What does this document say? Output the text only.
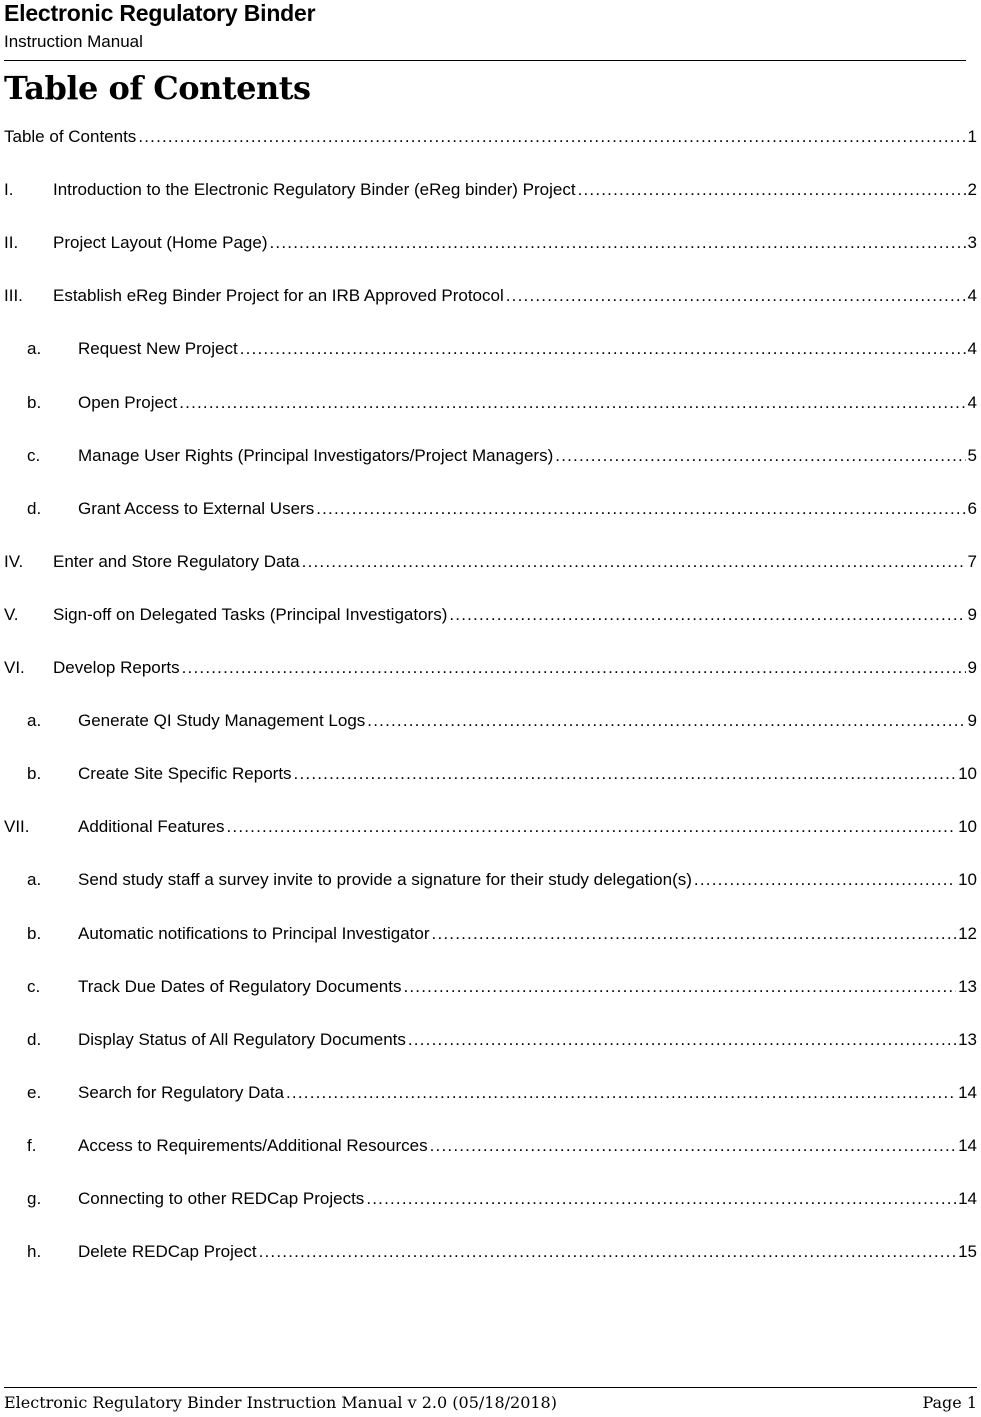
Electronic Regulatory Binder
Instruction Manual
Table of Contents
Table of Contents .....	1
I.	Introduction to the Electronic Regulatory Binder (eReg binder) Project .....	2
II.	Project Layout (Home Page) .....	3
III.	Establish eReg Binder Project for an IRB Approved Protocol .....	4
a.	Request New Project .....	4
b.	Open Project .....	4
c.	Manage User Rights (Principal Investigators/Project Managers) .....	5
d.	Grant Access to External Users .....	6
IV.	Enter and Store Regulatory Data .....	7
V.	Sign-off on Delegated Tasks (Principal Investigators) .....	9
VI.	Develop Reports .....	9
a.	Generate QI Study Management Logs .....	9
b.	Create Site Specific Reports .....	10
VII.	Additional Features .....	10
a.	Send study staff a survey invite to provide a signature for their study delegation(s) .....	10
b.	Automatic notifications to Principal Investigator .....	12
c.	Track Due Dates of Regulatory Documents .....	13
d.	Display Status of All Regulatory Documents .....	13
e.	Search for Regulatory Data .....	14
f.	Access to Requirements/Additional Resources .....	14
g.	Connecting to other REDCap Projects .....	14
h.	Delete REDCap Project .....	15
Electronic Regulatory Binder Instruction Manual v 2.0 (05/18/2018)	Page 1
